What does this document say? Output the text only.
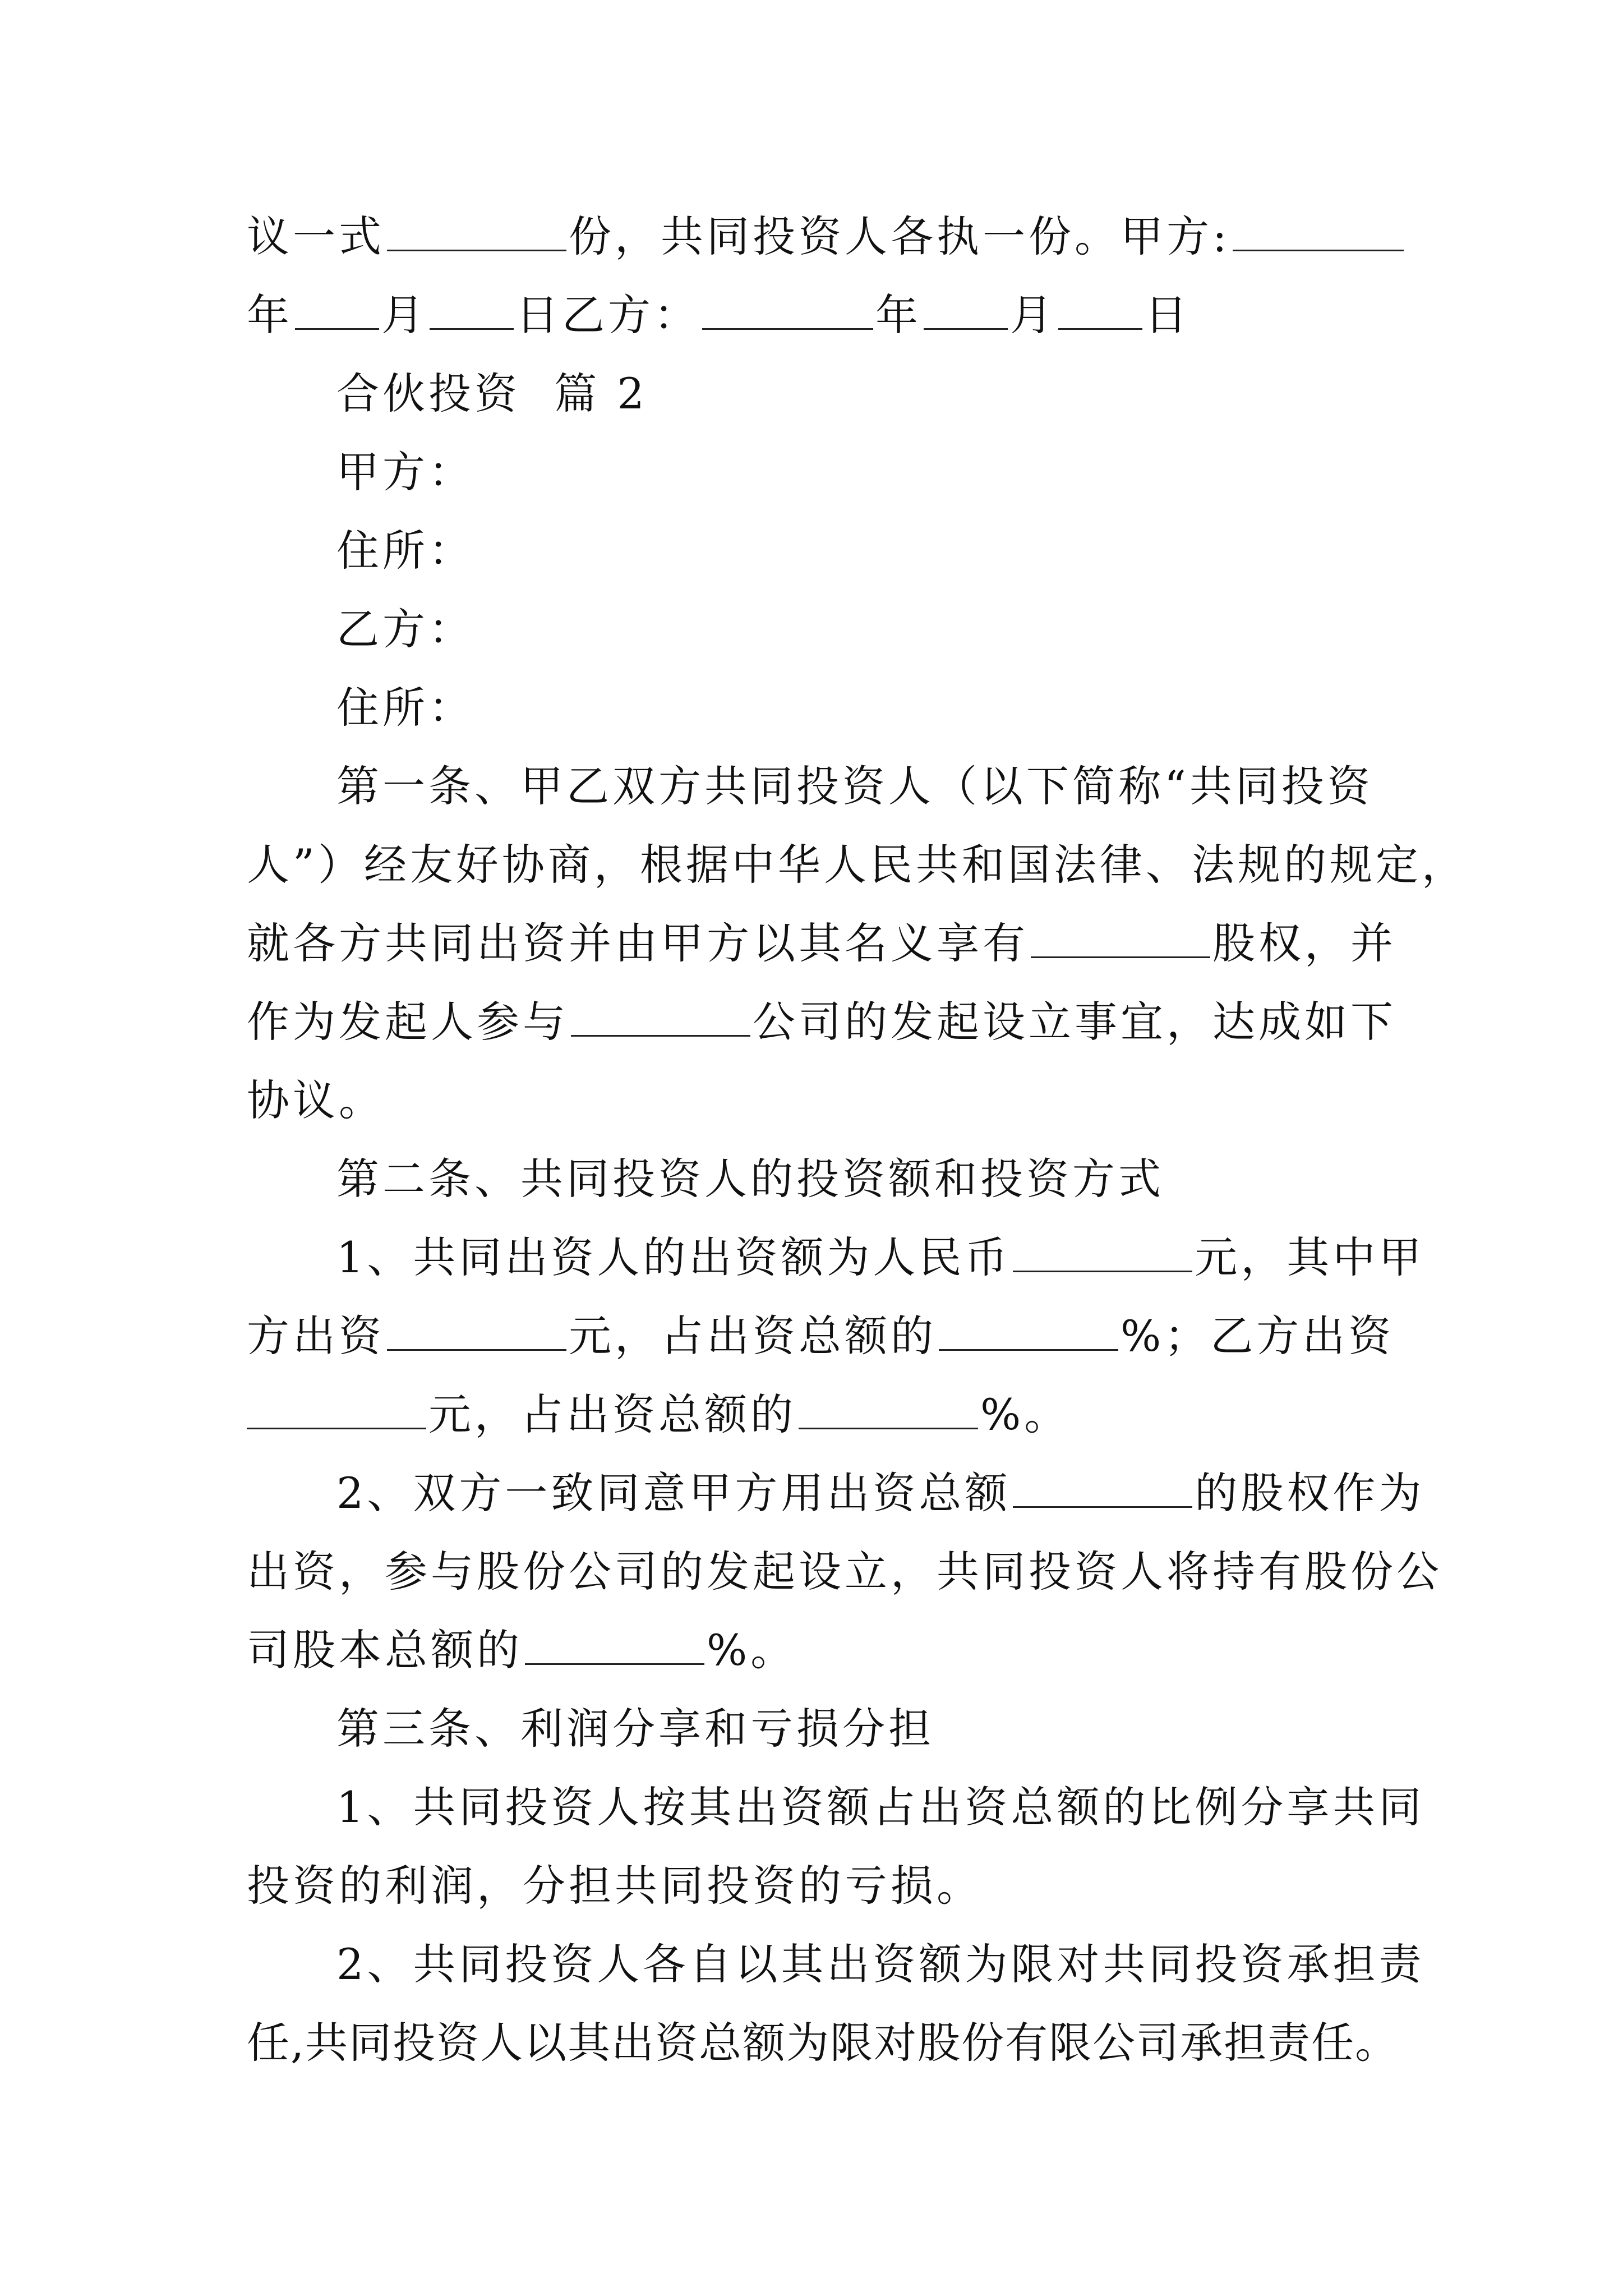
议一式	份，共同投资人各执一份。甲方:
年 月 日乙方：	年 月 日
合伙投资  篇 2
甲方：
住所：
乙方：
住所：
第一条、甲乙双方共同投资人（以下简称“共同投资
人”）经友好协商，根据中华人民共和国法律、法规的规定，
就各方共同出资并由甲方以其名义享有	股权，并
作为发起人参与	公司的发起设立事宜，达成如下
协议。
第二条、共同投资人的投资额和投资方式
1、共同出资人的出资额为人民币	元，其中甲
方出资	元，占出资总额的	%；乙方出资
元，占出资总额的	%。
2、双方一致同意甲方用出资总额	的股权作为
出资，参与股份公司的发起设立，共同投资人将持有股份公
司股本总额的	%。
第三条、利润分享和亏损分担
1、共同投资人按其出资额占出资总额的比例分享共同
投资的利润，分担共同投资的亏损。
2、共同投资人各自以其出资额为限对共同投资承担责
任,共同投资人以其出资总额为限对股份有限公司承担责任。
